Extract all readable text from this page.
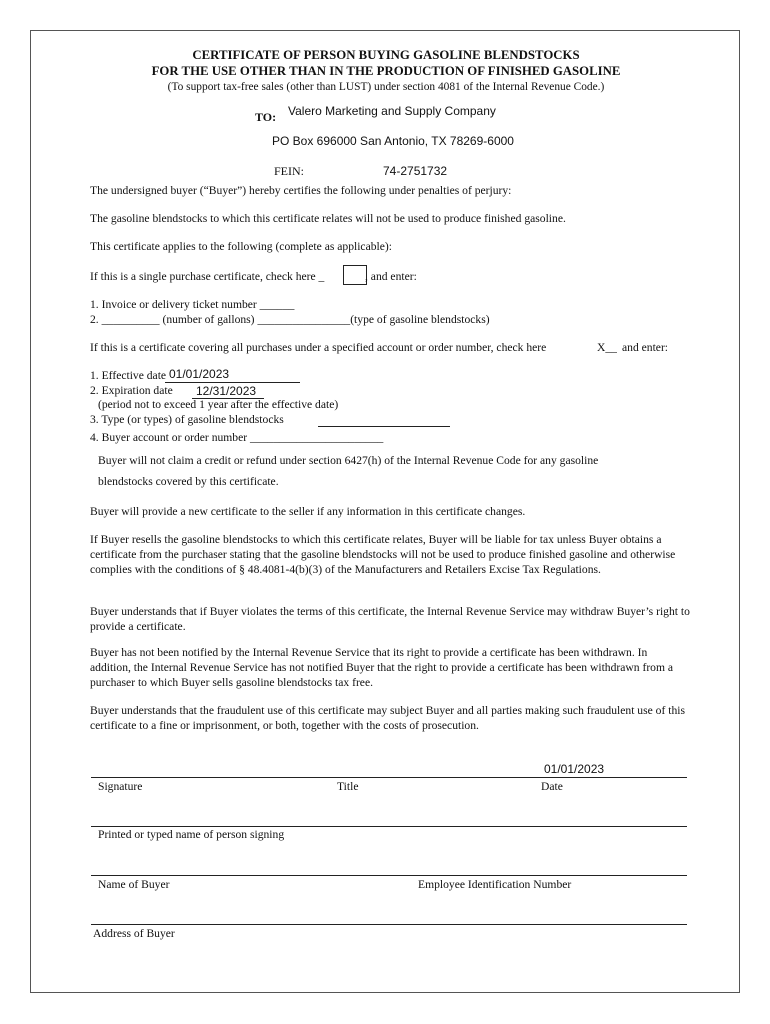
CERTIFICATE OF PERSON BUYING GASOLINE BLENDSTOCKS
FOR THE USE OTHER THAN IN THE PRODUCTION OF FINISHED GASOLINE
(To support tax-free sales (other than LUST) under section 4081 of the Internal Revenue Code.)
TO: Valero Marketing and Supply Company
PO Box 696000 San Antonio, TX 78269-6000
FEIN:	74-2751732
The undersigned buyer (“Buyer”) hereby certifies the following under penalties of perjury:
The gasoline blendstocks to which this certificate relates will not be used to produce finished gasoline.
This certificate applies to the following (complete as applicable):
If this is a single purchase certificate, check here _	, and enter:
1. Invoice or delivery ticket number ______
2. __________ (number of gallons) ________________(type of gasoline blendstocks)
If this is a certificate covering all purchases under a specified account or order number, check here	X__ and enter:
1. Effective date 01/01/2023
2. Expiration date 12/31/2023
(period not to exceed 1 year after the effective date)
3. Type (or types) of gasoline blendstocks
4. Buyer account or order number _______________________
Buyer will not claim a credit or refund under section 6427(h) of the Internal Revenue Code for any gasoline
blendstocks covered by this certificate.
Buyer will provide a new certificate to the seller if any information in this certificate changes.
If Buyer resells the gasoline blendstocks to which this certificate relates, Buyer will be liable for tax unless Buyer obtains a certificate from the purchaser stating that the gasoline blendstocks will not be used to produce finished gasoline and otherwise complies with the conditions of § 48.4081-4(b)(3) of the Manufacturers and Retailers Excise Tax Regulations.
Buyer understands that if Buyer violates the terms of this certificate, the Internal Revenue Service may withdraw Buyer’s right to provide a certificate.
Buyer has not been notified by the Internal Revenue Service that its right to provide a certificate has been withdrawn. In addition, the Internal Revenue Service has not notified Buyer that the right to provide a certificate has been withdrawn from a purchaser to which Buyer sells gasoline blendstocks tax free.
Buyer understands that the fraudulent use of this certificate may subject Buyer and all parties making such fraudulent use of this certificate to a fine or imprisonment, or both, together with the costs of prosecution.
01/01/2023
Signature	Title	Date
Printed or typed name of person signing
Name of Buyer	Employee Identification Number
Address of Buyer
